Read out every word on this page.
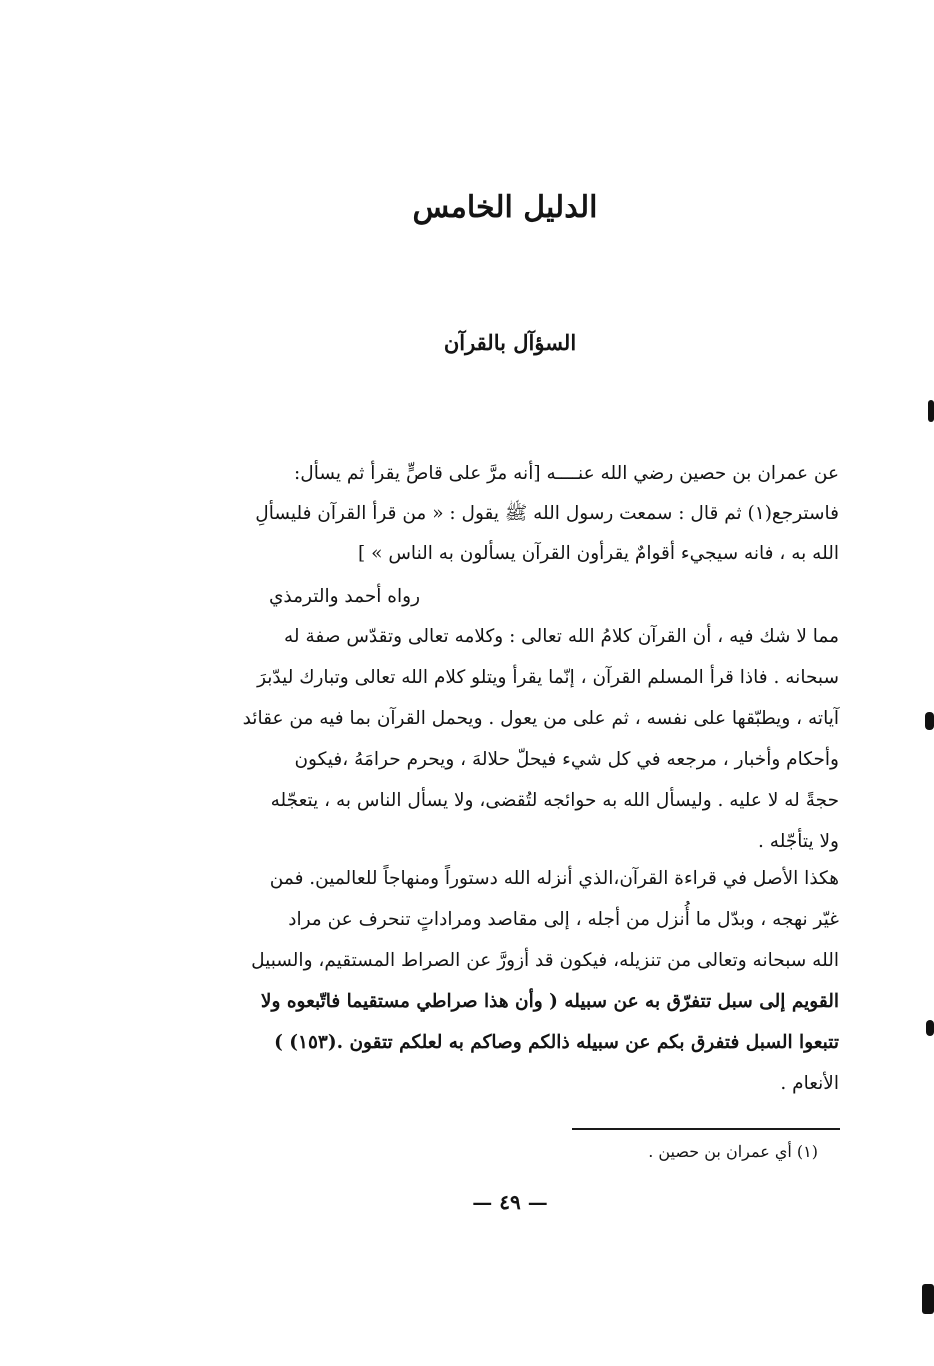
الدليل الخامس
السؤآل بالقرآن
عن عمران بن حصين رضي الله عنــــه [أنه مرَّ على قاصٍّ يقرأ ثم يسأل:
فاسترجع(١) ثم قال : سمعت رسول الله ﷺ يقول : « من قرأ القرآن فليسألِ
الله به ، فانه سيجيء أقوامٌ يقرأون القرآن يسألون به الناس » ]
رواه أحمد والترمذي
مما لا شك فيه ، أن القرآن كلامُ الله تعالى : وكلامه تعالى وتقدّس صفة له
سبحانه . فاذا قرأ المسلم القرآن ، إنّما يقرأ ويتلو كلام الله تعالى وتبارك ليدّبرَ
آياته ، ويطبّقها على نفسه ، ثم على من يعول . ويحمل القرآن بما فيه من عقائد
وأحكام وأخبار ، مرجعه في كل شيء فيحلّ حلالهَ ، ويحرم حرامَهُ ،فيكون
حجةً له لا عليه . وليسأل الله به حوائجه لتُقضى، ولا يسأل الناس به ، يتعجّله
ولا يتأجّله .
هكذا الأصل في قراءة القرآن،الذي أنزله الله دستوراً ومنهاجاً للعالمين. فمن
غيّر نهجه ، وبدّل ما أُنزل من أجله ، إلى مقاصد ومراداتٍ تنحرف عن مراد
الله سبحانه وتعالى من تنزيله، فيكون قد أزورَّ عن الصراط المستقيم، والسبيل
القويم إلى سبل تتفرّق به عن سبيله ( وأن هذا صراطي مستقيما فاتّبعوه ولا
تتبعوا السبل فتفرق بكم عن سبيله ذالكم وصاكم به لعلكم تتقون .(١٥٣) )
الأنعام .
(١) أي عمران بن حصين .
— ٤٩ —
